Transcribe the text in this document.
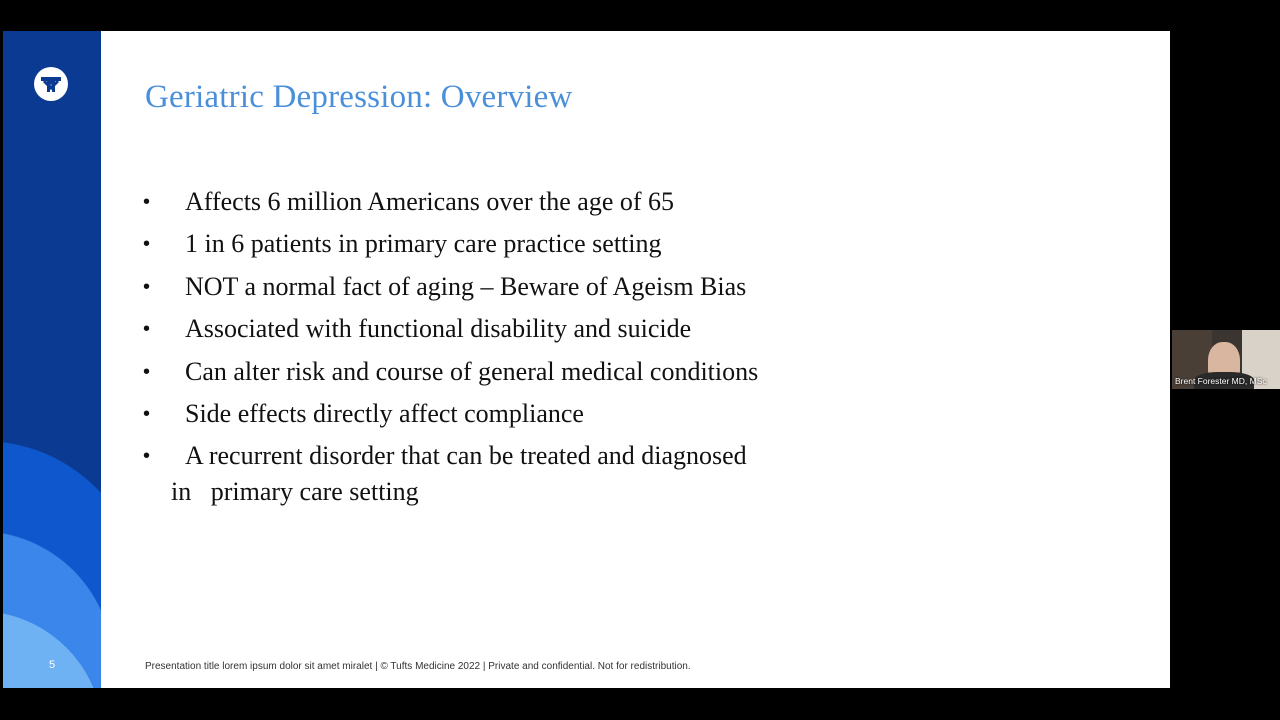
5
Geriatric Depression: Overview
• Affects 6 million Americans over the age of 65
• 1 in 6 patients in primary care practice setting
• NOT a normal fact of aging – Beware of Ageism Bias
• Associated with functional disability and suicide
• Can alter risk and course of general medical conditions
• Side effects directly affect compliance
• A recurrent disorder that can be treated and diagnosed
in   primary care setting
Presentation title lorem ipsum dolor sit amet miralet | © Tufts Medicine 2022 | Private and confidential. Not for redistribution.
Brent Forester MD, MSc
